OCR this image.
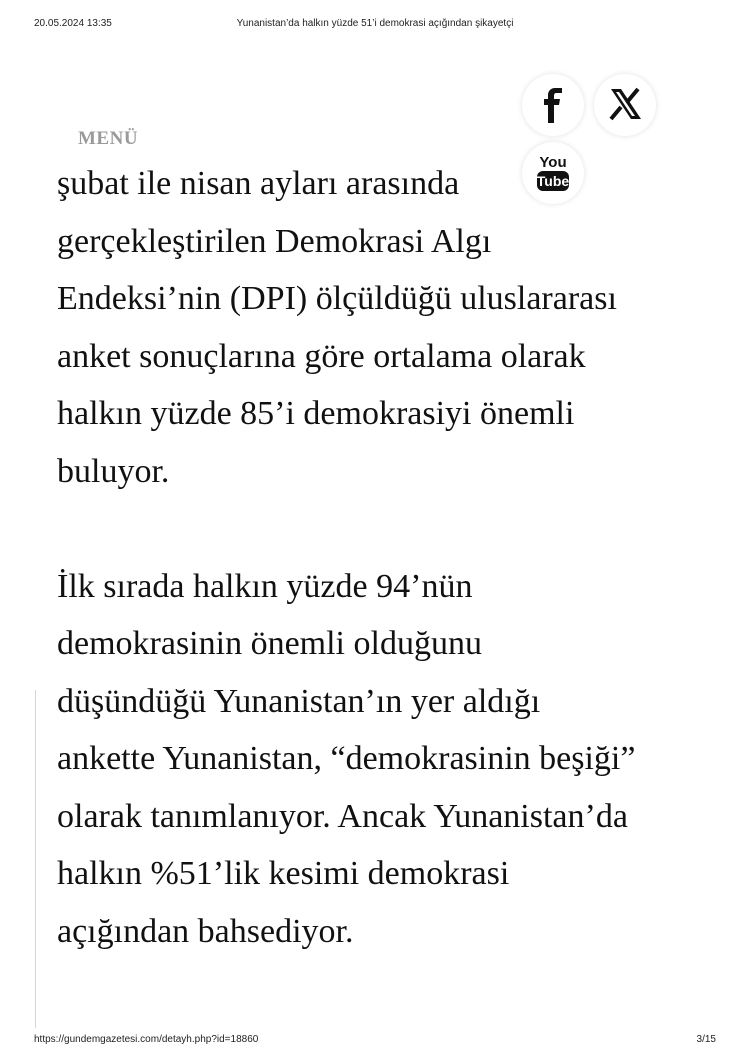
20.05.2024 13:35	Yunanistan’da halkın yüzde 51’i demokrasi açığından şikayetçi
MENÜ

şubat ile nisan ayları arasında
gerçekleştirilen Demokrasi Algı
Endeksi’nin (DPI) ölçüldüğü uluslararası
anket sonuçlarına göre ortalama olarak
halkın yüzde 85’i demokrasiyi önemli
buluyor.

İlk sırada halkın yüzde 94’nün
demokrasinin önemli olduğunu
düşündüğü Yunanistan’ın yer aldığı
ankette Yunanistan, “demokrasinin beşiği”
olarak tanımlanıyor. Ancak Yunanistan’da
halkın %51’lik kesimi demokrasi
açığından bahsediyor.

You
Tube
https://gundemgazetesi.com/detayh.php?id=18860	3/15
